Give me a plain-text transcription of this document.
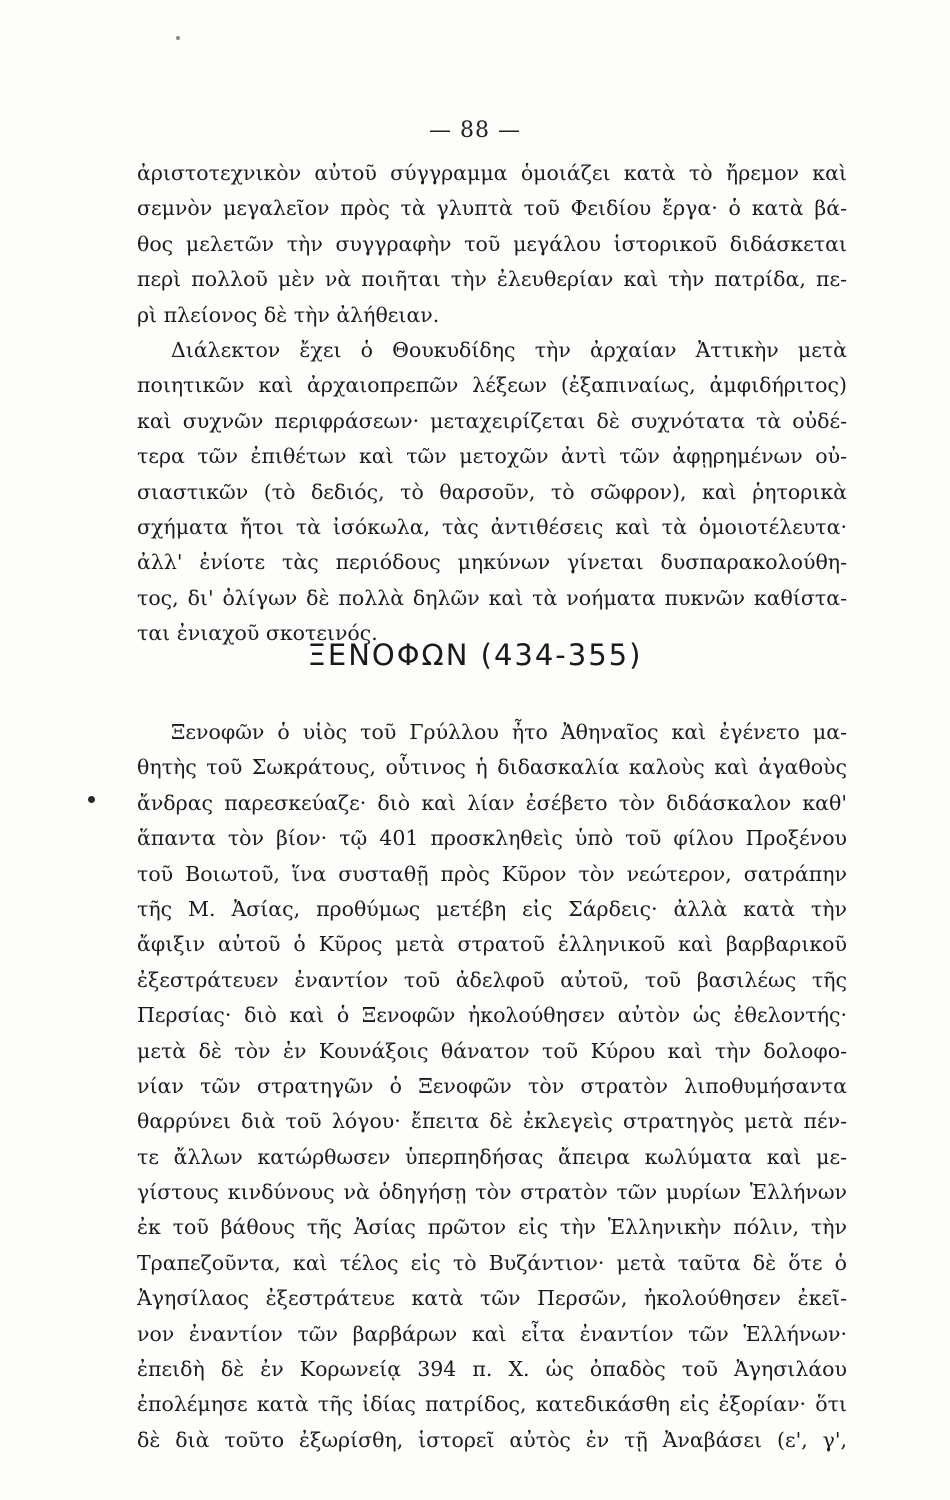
— 88 —
ἀριστοτεχνικὸν αὐτοῦ σύγγραμμα ὁμοιάζει κατὰ τὸ ἤρεμον καὶ
σεμνὸν μεγαλεῖον πρὸς τὰ γλυπτὰ τοῦ Φειδίου ἔργα· ὁ κατὰ βά-
θος μελετῶν τὴν συγγραφὴν τοῦ μεγάλου ἱστορικοῦ διδάσκεται
περὶ πολλοῦ μὲν νὰ ποιῆται τὴν ἐλευθερίαν καὶ τὴν πατρίδα, πε-
ρὶ πλείονος δὲ τὴν ἀλήθειαν.
Διάλεκτον ἔχει ὁ Θουκυδίδης τὴν ἀρχαίαν Ἀττικὴν μετὰ
ποιητικῶν καὶ ἀρχαιοπρεπῶν λέξεων (ἐξαπιναίως, ἀμφιδήριτος)
καὶ συχνῶν περιφράσεων· μεταχειρίζεται δὲ συχνότατα τὰ οὐδέ-
τερα τῶν ἐπιθέτων καὶ τῶν μετοχῶν ἀντὶ τῶν ἀφῃρημένων οὐ-
σιαστικῶν (τὸ δεδιός, τὸ θαρσοῦν, τὸ σῶφρον), καὶ ῥητορικὰ
σχήματα ἤτοι τὰ ἰσόκωλα, τὰς ἀντιθέσεις καὶ τὰ ὁμοιοτέλευτα·
ἀλλ' ἐνίοτε τὰς περιόδους μηκύνων γίνεται δυσπαρακολούθη-
τος, δι' ὀλίγων δὲ πολλὰ δηλῶν καὶ τὰ νοήματα πυκνῶν καθίστα-
ται ἐνιαχοῦ σκοτεινός.
ΞΕΝΟΦΩΝ (434-355)
Ξενοφῶν ὁ υἱὸς τοῦ Γρύλλου ἦτο Ἀθηναῖος καὶ ἐγένετο μα-
θητὴς τοῦ Σωκράτους, οὗτινος ἡ διδασκαλία καλοὺς καὶ ἀγαθοὺς
ἄνδρας παρεσκεύαζε· διὸ καὶ λίαν ἐσέβετο τὸν διδάσκαλον καθ'
ἅπαντα τὸν βίον· τῷ 401 προσκληθεὶς ὑπὸ τοῦ φίλου Προξένου
τοῦ Βοιωτοῦ, ἵνα συσταθῇ πρὸς Κῦρον τὸν νεώτερον, σατράπην
τῆς Μ. Ἀσίας, προθύμως μετέβη εἰς Σάρδεις· ἀλλὰ κατὰ τὴν
ἄφιξιν αὐτοῦ ὁ Κῦρος μετὰ στρατοῦ ἑλληνικοῦ καὶ βαρβαρικοῦ
ἐξεστράτευεν ἐναντίον τοῦ ἀδελφοῦ αὐτοῦ, τοῦ βασιλέως τῆς
Περσίας· διὸ καὶ ὁ Ξενοφῶν ἠκολούθησεν αὐτὸν ὡς ἐθελοντής·
μετὰ δὲ τὸν ἐν Κουνάξοις θάνατον τοῦ Κύρου καὶ τὴν δολοφο-
νίαν τῶν στρατηγῶν ὁ Ξενοφῶν τὸν στρατὸν λιποθυμήσαντα
θαρρύνει διὰ τοῦ λόγου· ἔπειτα δὲ ἐκλεγεὶς στρατηγὸς μετὰ πέν-
τε ἄλλων κατώρθωσεν ὑπερπηδήσας ἄπειρα κωλύματα καὶ με-
γίστους κινδύνους νὰ ὁδηγήσῃ τὸν στρατὸν τῶν μυρίων Ἑλλήνων
ἐκ τοῦ βάθους τῆς Ἀσίας πρῶτον εἰς τὴν Ἑλληνικὴν πόλιν, τὴν
Τραπεζοῦντα, καὶ τέλος εἰς τὸ Βυζάντιον· μετὰ ταῦτα δὲ ὅτε ὁ
Ἀγησίλαος ἐξεστράτευε κατὰ τῶν Περσῶν, ἠκολούθησεν ἐκεῖ-
νον ἐναντίον τῶν βαρβάρων καὶ εἶτα ἐναντίον τῶν Ἑλλήνων·
ἐπειδὴ δὲ ἐν Κορωνείᾳ 394 π. Χ. ὡς ὀπαδὸς τοῦ Ἀγησιλάου
ἐπολέμησε κατὰ τῆς ἰδίας πατρίδος, κατεδικάσθη εἰς ἐξορίαν· ὅτι
δὲ διὰ τοῦτο ἐξωρίσθη, ἱστορεῖ αὐτὸς ἐν τῇ Ἀναβάσει (ε', γ',
